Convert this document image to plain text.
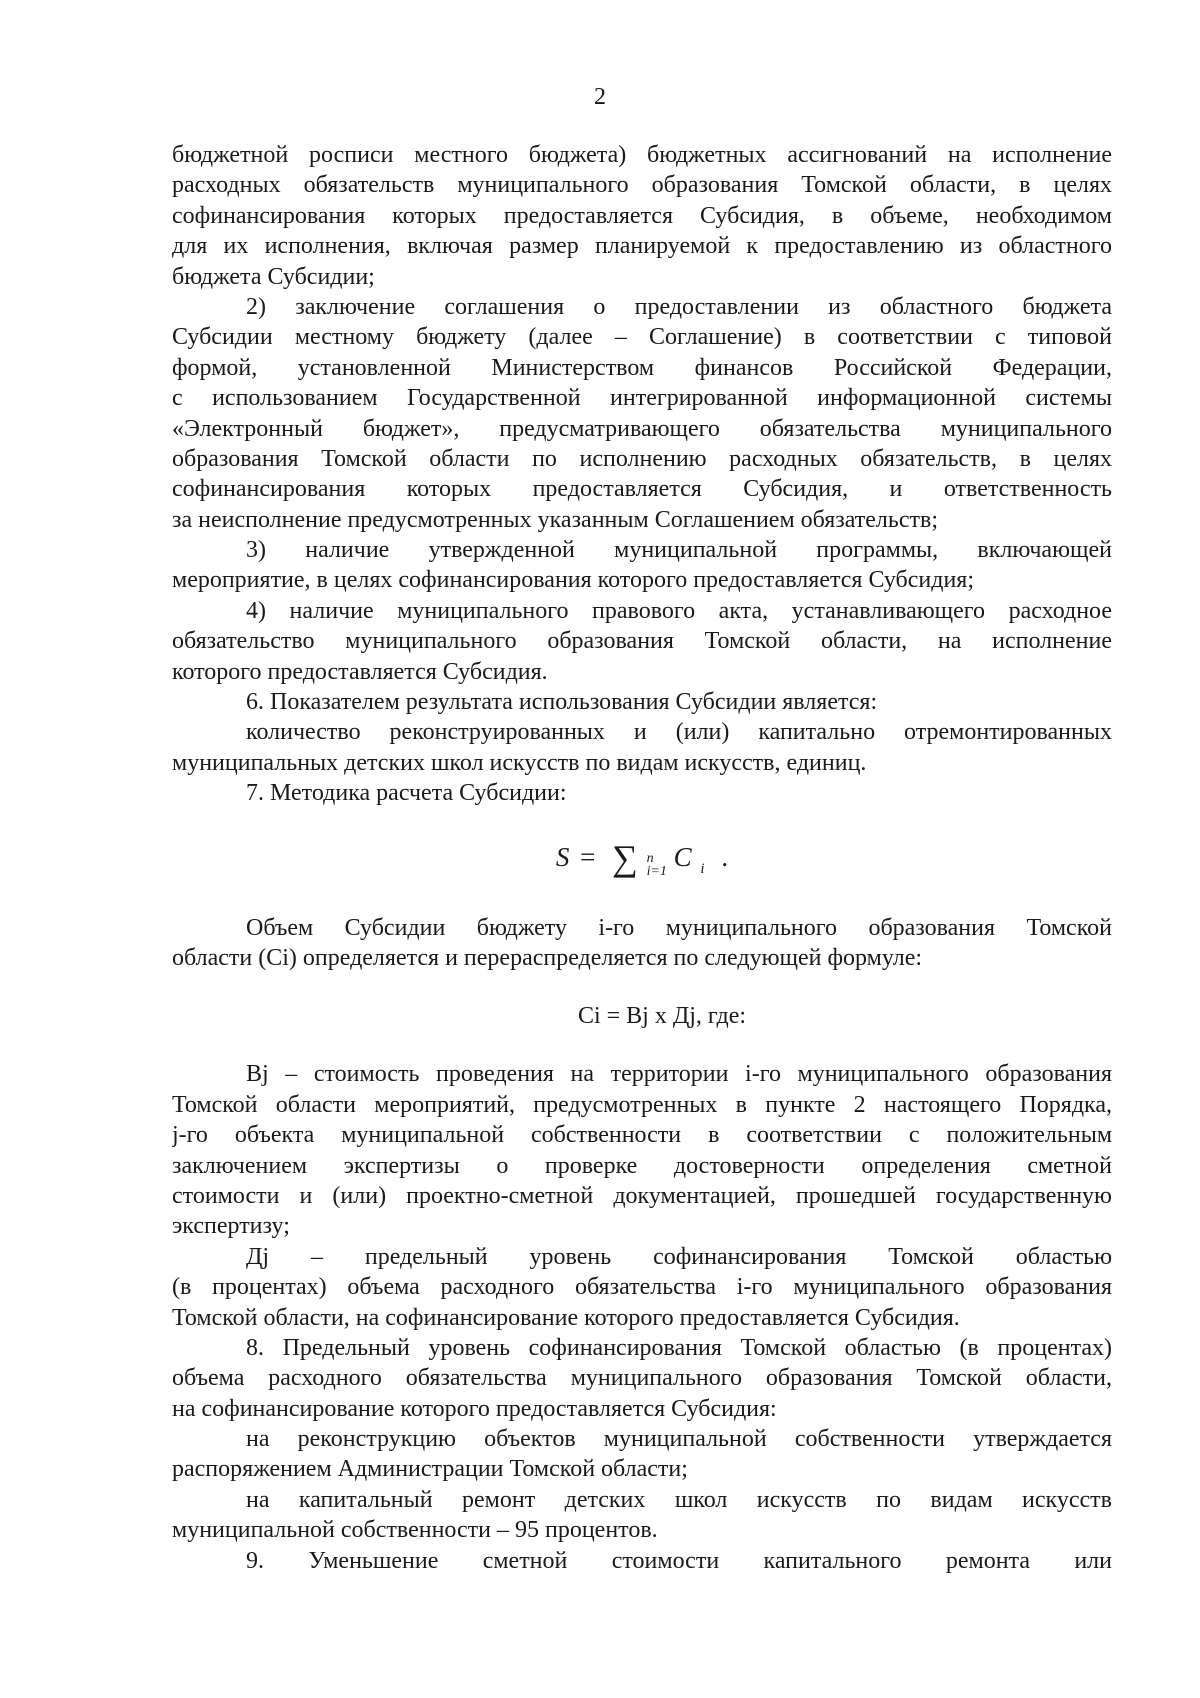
2
бюджетной росписи местного бюджета) бюджетных ассигнований на исполнение
расходных обязательств муниципального образования Томской области, в целях
софинансирования которых предоставляется Субсидия, в объеме, необходимом
для их исполнения, включая размер планируемой к предоставлению из областного
бюджета Субсидии;
2) заключение соглашения о предоставлении из областного бюджета
Субсидии местному бюджету (далее – Соглашение) в соответствии с типовой
формой, установленной Министерством финансов Российской Федерации,
с использованием Государственной интегрированной информационной системы
«Электронный бюджет», предусматривающего обязательства муниципального
образования Томской области по исполнению расходных обязательств, в целях
софинансирования которых предоставляется Субсидия, и ответственность
за неисполнение предусмотренных указанным Соглашением обязательств;
3) наличие утвержденной муниципальной программы, включающей
мероприятие, в целях софинансирования которого предоставляется Субсидия;
4) наличие муниципального правового акта, устанавливающего расходное
обязательство муниципального образования Томской области, на исполнение
которого предоставляется Субсидия.
6. Показателем результата использования Субсидии является:
количество реконструированных и (или) капитально отремонтированных
муниципальных детских школ искусств по видам искусств, единиц.
7. Методика расчета Субсидии:
S = ∑ n
$_{i=1}$ C $_i$ .
Объем Субсидии бюджету i-го муниципального образования Томской
области (Ci) определяется и перераспределяется по следующей формуле:
Ci = Вj х Дj, где:
Вj – стоимость проведения на территории i-го муниципального образования
Томской области мероприятий, предусмотренных в пункте 2 настоящего Порядка,
j-го объекта муниципальной собственности в соответствии с положительным
заключением экспертизы о проверке достоверности определения сметной
стоимости и (или) проектно-сметной документацией, прошедшей государственную
экспертизу;
Дj – предельный уровень софинансирования Томской областью
(в процентах) объема расходного обязательства i-го муниципального образования
Томской области, на софинансирование которого предоставляется Субсидия.
8. Предельный уровень софинансирования Томской областью (в процентах)
объема расходного обязательства муниципального образования Томской области,
на софинансирование которого предоставляется Субсидия:
на реконструкцию объектов муниципальной собственности утверждается
распоряжением Администрации Томской области;
на капитальный ремонт детских школ искусств по видам искусств
муниципальной собственности – 95 процентов.
9. Уменьшение сметной стоимости капитального ремонта или
